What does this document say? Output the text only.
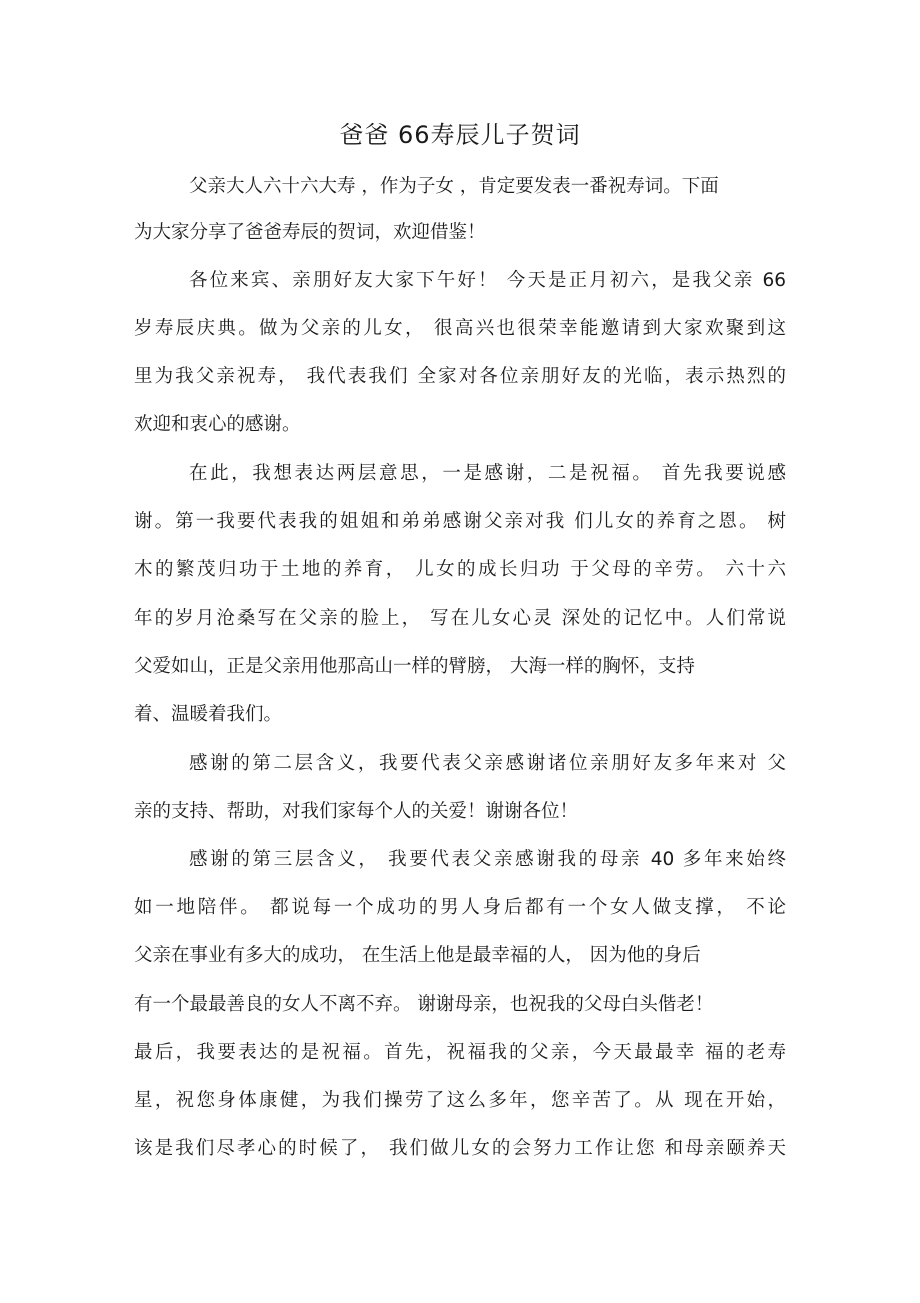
爸爸 66寿辰儿子贺词
父亲大人六十六大寿 ，作为子女 ，肯定要发表一番祝寿词。下面
为大家分享了爸爸寿辰的贺词，欢迎借鉴！
各位来宾、亲朋好友大家下午好！ 今天是正月初六，是我父亲 66
岁寿辰庆典。做为父亲的儿女， 很高兴也很荣幸能邀请到大家欢聚到这
里为我父亲祝寿， 我代表我们 全家对各位亲朋好友的光临，表示热烈的
欢迎和衷心的感谢。
在此，我想表达两层意思，一是感谢，二是祝福。 首先我要说感
谢。第一我要代表我的姐姐和弟弟感谢父亲对我 们儿女的养育之恩。 树
木的繁茂归功于土地的养育， 儿女的成长归功 于父母的辛劳。 六十六
年的岁月沧桑写在父亲的脸上， 写在儿女心灵 深处的记忆中。人们常说
父爱如山，正是父亲用他那高山一样的臂膀， 大海一样的胸怀，支持
着、温暖着我们。
感谢的第二层含义，我要代表父亲感谢诸位亲朋好友多年来对 父
亲的支持、帮助，对我们家每个人的关爱！谢谢各位！
感谢的第三层含义， 我要代表父亲感谢我的母亲 40 多年来始终
如一地陪伴。 都说每一个成功的男人身后都有一个女人做支撑， 不论
父亲在事业有多大的成功， 在生活上他是最幸福的人， 因为他的身后
有一个最最善良的女人不离不弃。 谢谢母亲，也祝我的父母白头偕老！
最后，我要表达的是祝福。首先，祝福我的父亲，今天最最幸 福的老寿
星，祝您身体康健，为我们操劳了这么多年，您辛苦了。从 现在开始，
该是我们尽孝心的时候了， 我们做儿女的会努力工作让您 和母亲颐养天
